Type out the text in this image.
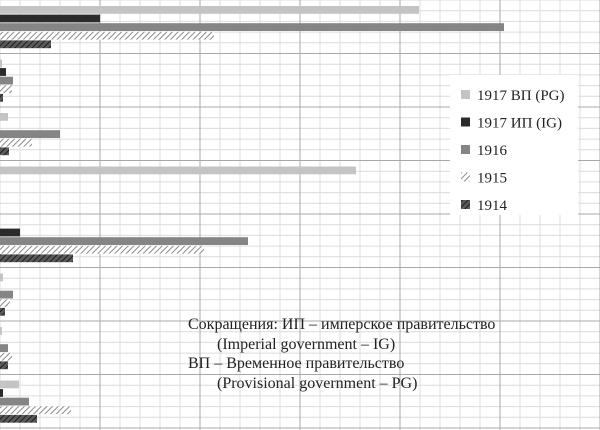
1917 ВП (PG)
1917 ИП (IG)
1916
1915
1914
Сокращения: ИП – имперское правительство
(Imperial government – IG)
ВП – Временное правительство
(Provisional government – PG)
